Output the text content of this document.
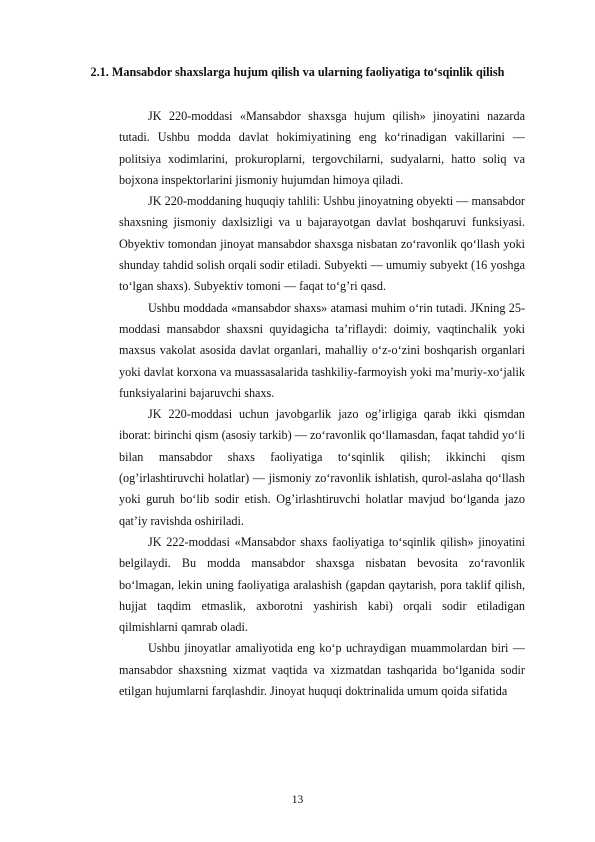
2.1. Mansabdor shaxslarga hujum qilish va ularning faoliyatiga to‘sqinlik qilish

JK 220-moddasi «Mansabdor shaxsga hujum qilish» jinoyatini nazarda tutadi. Ushbu modda davlat hokimiyatining eng ko‘rinadigan vakillarini — politsiya xodimlarini, prokuroplarni, tergovchilarni, sudyalarni, hatto soliq va bojxona inspektorlarini jismoniy hujumdan himoya qiladi.

JK 220-moddaning huquqiy tahlili: Ushbu jinoyatning obyekti — mansabdor shaxsning jismoniy daxlsizligi va u bajarayotgan davlat boshqaruvi funksiyasi. Obyektiv tomondan jinoyat mansabdor shaxsga nisbatan zo‘ravonlik qo‘llash yoki shunday tahdid solish orqali sodir etiladi. Subyekti — umumiy subyekt (16 yoshga to‘lgan shaxs). Subyektiv tomoni — faqat to‘g’ri qasd.

Ushbu moddada «mansabdor shaxs» atamasi muhim o‘rin tutadi. JKning 25-moddasi mansabdor shaxsni quyidagicha ta’riflaydi: doimiy, vaqtinchalik yoki maxsus vakolat asosida davlat organlari, mahalliy o‘z-o‘zini boshqarish organlari yoki davlat korxona va muassasalarida tashkiliy-farmoyish yoki ma’muriy-xo‘jalik funksiyalarini bajaruvchi shaxs.

JK 220-moddasi uchun javobgarlik jazo og’irligiga qarab ikki qismdan iborat: birinchi qism (asosiy tarkib) — zo‘ravonlik qo‘llamasdan, faqat tahdid yo‘li bilan mansabdor shaxs faoliyatiga to‘sqinlik qilish; ikkinchi qism (og’irlashtiruvchi holatlar) — jismoniy zo‘ravonlik ishlatish, qurol-aslaha qo‘llash yoki guruh bo‘lib sodir etish. Og’irlashtiruvchi holatlar mavjud bo‘lganda jazo qat’iy ravishda oshiriladi.

JK 222-moddasi «Mansabdor shaxs faoliyatiga to‘sqinlik qilish» jinoyatini belgilaydi. Bu modda mansabdor shaxsga nisbatan bevosita zo‘ravonlik bo‘lmagan, lekin uning faoliyatiga aralashish (gapdan qaytarish, pora taklif qilish, hujjat taqdim etmaslik, axborotni yashirish kabi) orqali sodir etiladigan qilmishlarni qamrab oladi.

Ushbu jinoyatlar amaliyotida eng ko‘p uchraydigan muammolardan biri — mansabdor shaxsning xizmat vaqtida va xizmatdan tashqarida bo‘lganida sodir etilgan hujumlarni farqlashdir. Jinoyat huquqi doktrinalida umum qoida sifatida

13
